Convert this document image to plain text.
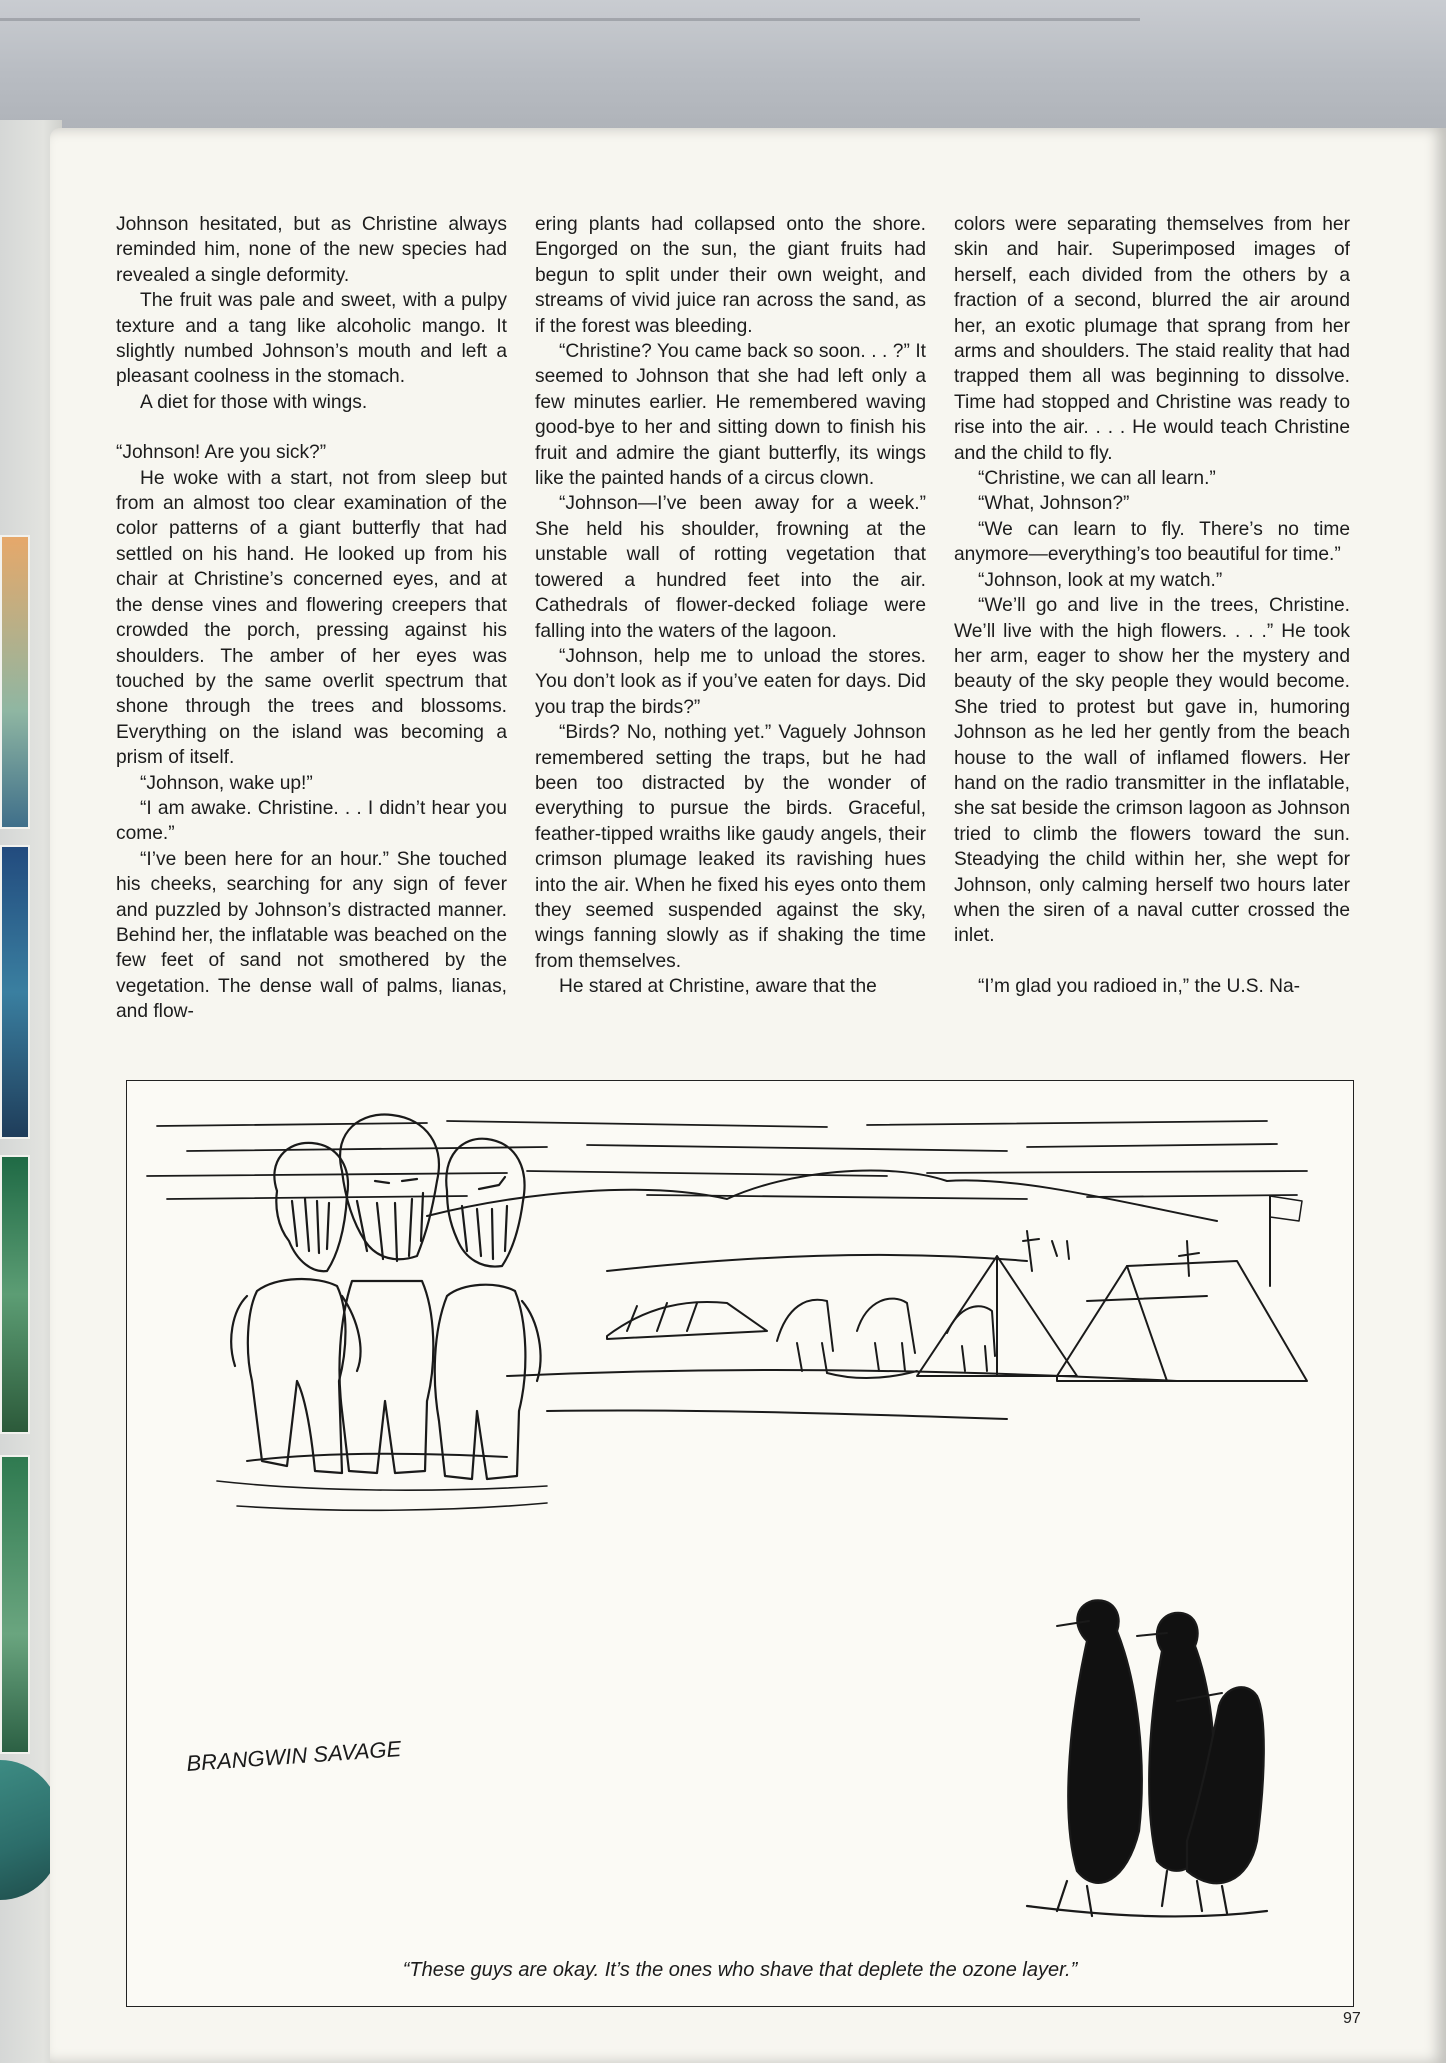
Johnson hesitated, but as Christine always reminded him, none of the new species had revealed a single deformity.

The fruit was pale and sweet, with a pulpy texture and a tang like alcoholic mango. It slightly numbed Johnson’s mouth and left a pleasant coolness in the stomach.

A diet for those with wings.

“Johnson! Are you sick?”

He woke with a start, not from sleep but from an almost too clear examination of the color patterns of a giant butterfly that had settled on his hand. He looked up from his chair at Christine’s concerned eyes, and at the dense vines and flowering creepers that crowded the porch, pressing against his shoulders. The amber of her eyes was touched by the same overlit spectrum that shone through the trees and blossoms. Everything on the island was becoming a prism of itself.

“Johnson, wake up!”

“I am awake. Christine. . . I didn’t hear you come.”

“I’ve been here for an hour.” She touched his cheeks, searching for any sign of fever and puzzled by Johnson’s distracted manner. Behind her, the inflatable was beached on the few feet of sand not smothered by the vegetation. The dense wall of palms, lianas, and flow-

ering plants had collapsed onto the shore. Engorged on the sun, the giant fruits had begun to split under their own weight, and streams of vivid juice ran across the sand, as if the forest was bleeding.

“Christine? You came back so soon. . . ?” It seemed to Johnson that she had left only a few minutes earlier. He remembered waving good-bye to her and sitting down to finish his fruit and admire the giant butterfly, its wings like the painted hands of a circus clown.

“Johnson—I’ve been away for a week.” She held his shoulder, frowning at the unstable wall of rotting vegetation that towered a hundred feet into the air. Cathedrals of flower-decked foliage were falling into the waters of the lagoon.

“Johnson, help me to unload the stores. You don’t look as if you’ve eaten for days. Did you trap the birds?”

“Birds? No, nothing yet.” Vaguely Johnson remembered setting the traps, but he had been too distracted by the wonder of everything to pursue the birds. Graceful, feather-tipped wraiths like gaudy angels, their crimson plumage leaked its ravishing hues into the air. When he fixed his eyes onto them they seemed suspended against the sky, wings fanning slowly as if shaking the time from themselves.

He stared at Christine, aware that the

colors were separating themselves from her skin and hair. Superimposed images of herself, each divided from the others by a fraction of a second, blurred the air around her, an exotic plumage that sprang from her arms and shoulders. The staid reality that had trapped them all was beginning to dissolve. Time had stopped and Christine was ready to rise into the air. . . . He would teach Christine and the child to fly.

“Christine, we can all learn.”

“What, Johnson?”

“We can learn to fly. There’s no time anymore—everything’s too beautiful for time.”

“Johnson, look at my watch.”

“We’ll go and live in the trees, Christine. We’ll live with the high flowers. . . .” He took her arm, eager to show her the mystery and beauty of the sky people they would become. She tried to protest but gave in, humoring Johnson as he led her gently from the beach house to the wall of inflamed flowers. Her hand on the radio transmitter in the inflatable, she sat beside the crimson lagoon as Johnson tried to climb the flowers toward the sun. Steadying the child within her, she wept for Johnson, only calming herself two hours later when the siren of a naval cutter crossed the inlet.

“I’m glad you radioed in,” the U.S. Na-

BRANGWIN SAVAGE
“These guys are okay. It’s the ones who shave that deplete the ozone layer.”
97
